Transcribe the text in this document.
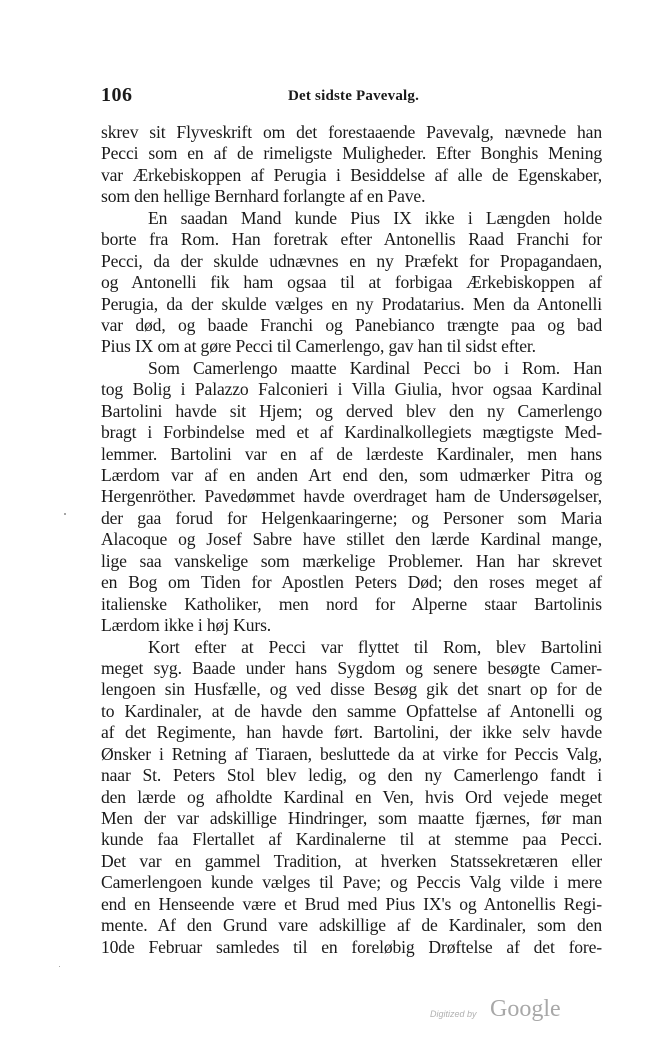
106	Det sidste Pavevalg.
skrev sit Flyveskrift om det forestaaende Pavevalg, nævnede han
Pecci som en af de rimeligste Muligheder. Efter Bonghis Mening
var Ærkebiskoppen af Perugia i Besiddelse af alle de Egenskaber,
som den hellige Bernhard forlangte af en Pave.
En saadan Mand kunde Pius IX ikke i Længden holde
borte fra Rom. Han foretrak efter Antonellis Raad Franchi for
Pecci, da der skulde udnævnes en ny Præfekt for Propagandaen,
og Antonelli fik ham ogsaa til at forbigaa Ærkebiskoppen af
Perugia, da der skulde vælges en ny Prodatarius. Men da Antonelli
var død, og baade Franchi og Panebianco trængte paa og bad
Pius IX om at gøre Pecci til Camerlengo, gav han til sidst efter.
Som Camerlengo maatte Kardinal Pecci bo i Rom. Han
tog Bolig i Palazzo Falconieri i Villa Giulia, hvor ogsaa Kardinal
Bartolini havde sit Hjem; og derved blev den ny Camerlengo
bragt i Forbindelse med et af Kardinalkollegiets mægtigste Med-
lemmer. Bartolini var en af de lærdeste Kardinaler, men hans
Lærdom var af en anden Art end den, som udmærker Pitra og
Hergenröther. Pavedømmet havde overdraget ham de Undersøgelser,
der gaa forud for Helgenkaaringerne; og Personer som Maria
Alacoque og Josef Sabre have stillet den lærde Kardinal mange,
lige saa vanskelige som mærkelige Problemer. Han har skrevet
en Bog om Tiden for Apostlen Peters Død; den roses meget af
italienske Katholiker, men nord for Alperne staar Bartolinis
Lærdom ikke i høj Kurs.
Kort efter at Pecci var flyttet til Rom, blev Bartolini
meget syg. Baade under hans Sygdom og senere besøgte Camer-
lengoen sin Husfælle, og ved disse Besøg gik det snart op for de
to Kardinaler, at de havde den samme Opfattelse af Antonelli og
af det Regimente, han havde ført. Bartolini, der ikke selv havde
Ønsker i Retning af Tiaraen, besluttede da at virke for Peccis Valg,
naar St. Peters Stol blev ledig, og den ny Camerlengo fandt i
den lærde og afholdte Kardinal en Ven, hvis Ord vejede meget
Men der var adskillige Hindringer, som maatte fjærnes, før man
kunde faa Flertallet af Kardinalerne til at stemme paa Pecci.
Det var en gammel Tradition, at hverken Statssekretæren eller
Camerlengoen kunde vælges til Pave; og Peccis Valg vilde i mere
end en Henseende være et Brud med Pius IX's og Antonellis Regi-
mente. Af den Grund vare adskillige af de Kardinaler, som den
10de Februar samledes til en foreløbig Drøftelse af det fore-
Digitized by Google
